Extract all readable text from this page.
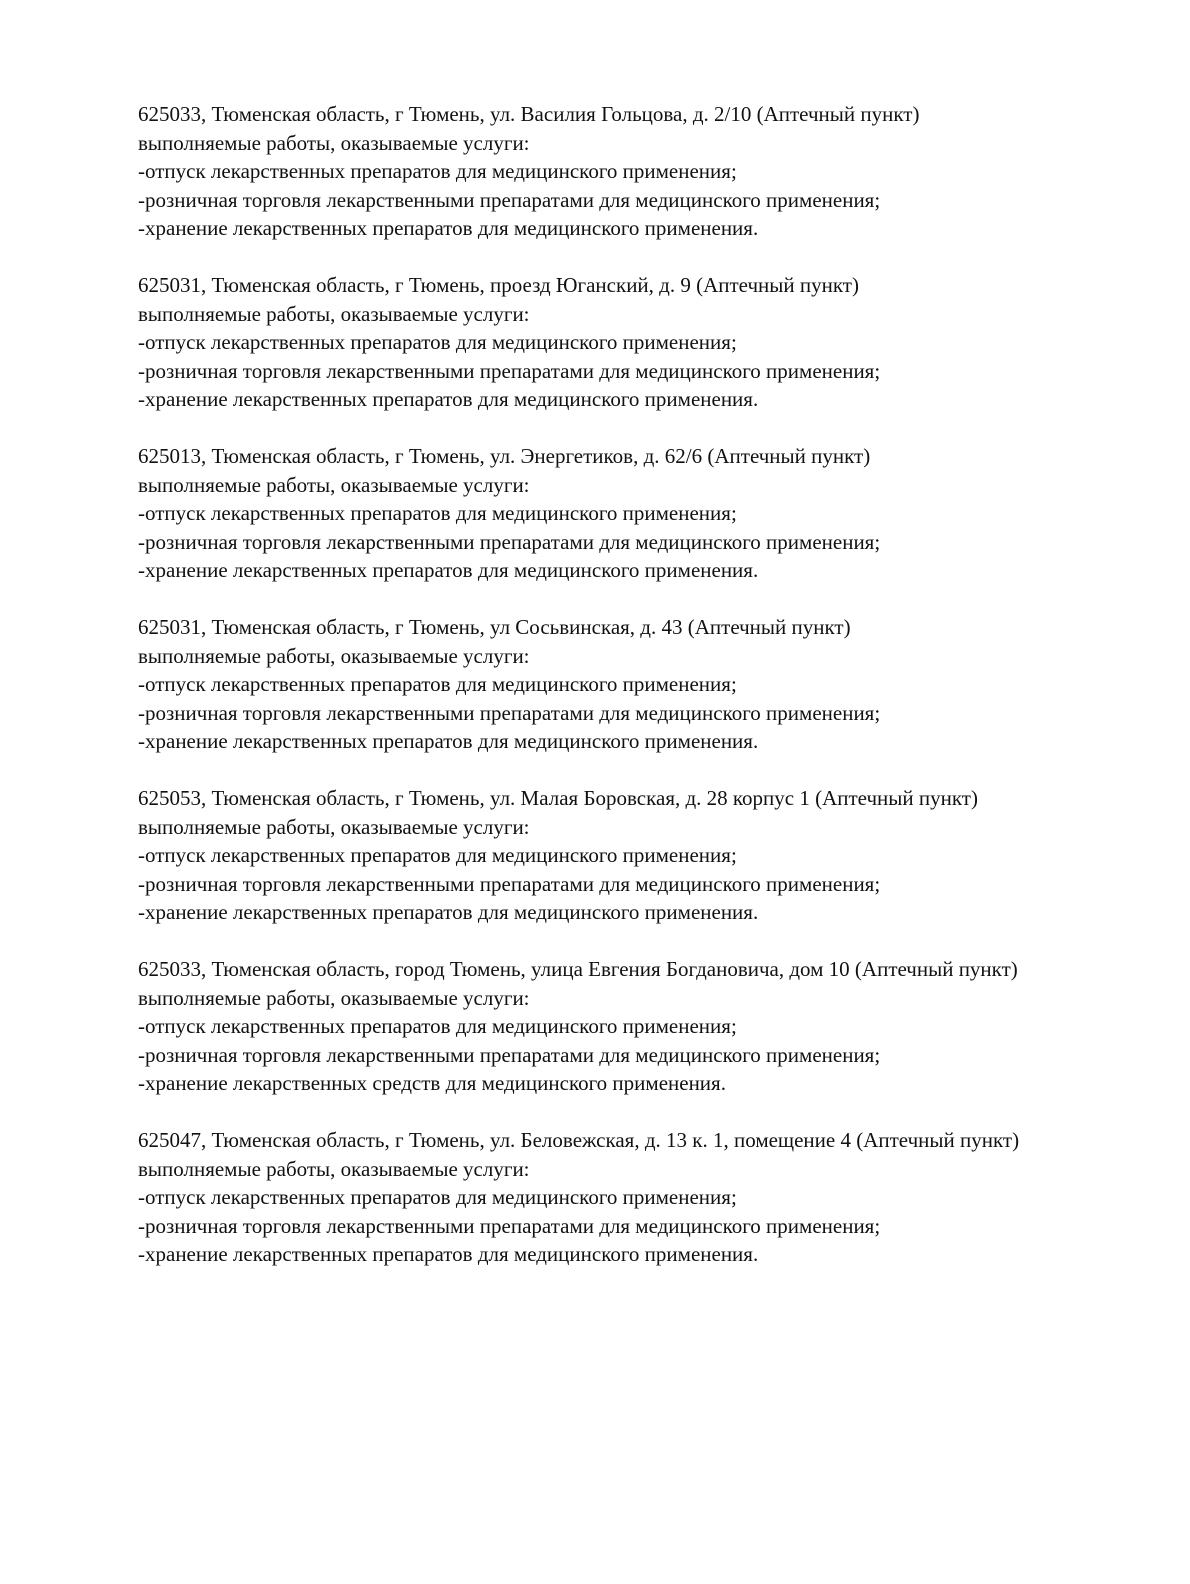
625033, Тюменская область, г Тюмень, ул. Василия Гольцова, д. 2/10 (Аптечный пункт)
выполняемые работы, оказываемые услуги:
-отпуск лекарственных препаратов для медицинского применения;
-розничная торговля лекарственными препаратами для медицинского применения;
-хранение лекарственных препаратов для медицинского применения.
625031, Тюменская область, г Тюмень, проезд Юганский, д. 9 (Аптечный пункт)
выполняемые работы, оказываемые услуги:
-отпуск лекарственных препаратов для медицинского применения;
-розничная торговля лекарственными препаратами для медицинского применения;
-хранение лекарственных препаратов для медицинского применения.
625013, Тюменская область, г Тюмень, ул. Энергетиков, д. 62/6 (Аптечный пункт)
выполняемые работы, оказываемые услуги:
-отпуск лекарственных препаратов для медицинского применения;
-розничная торговля лекарственными препаратами для медицинского применения;
-хранение лекарственных препаратов для медицинского применения.
625031, Тюменская область, г Тюмень, ул Сосьвинская, д. 43 (Аптечный пункт)
выполняемые работы, оказываемые услуги:
-отпуск лекарственных препаратов для медицинского применения;
-розничная торговля лекарственными препаратами для медицинского применения;
-хранение лекарственных препаратов для медицинского применения.
625053, Тюменская область, г Тюмень, ул. Малая Боровская, д. 28 корпус 1 (Аптечный пункт)
выполняемые работы, оказываемые услуги:
-отпуск лекарственных препаратов для медицинского применения;
-розничная торговля лекарственными препаратами для медицинского применения;
-хранение лекарственных препаратов для медицинского применения.
625033, Тюменская область, город Тюмень, улица Евгения Богдановича, дом 10 (Аптечный пункт)
выполняемые работы, оказываемые услуги:
-отпуск лекарственных препаратов для медицинского применения;
-розничная торговля лекарственными препаратами для медицинского применения;
-хранение лекарственных средств для медицинского применения.
625047, Тюменская область, г Тюмень, ул. Беловежская, д. 13 к. 1, помещение 4 (Аптечный пункт)
выполняемые работы, оказываемые услуги:
-отпуск лекарственных препаратов для медицинского применения;
-розничная торговля лекарственными препаратами для медицинского применения;
-хранение лекарственных препаратов для медицинского применения.
